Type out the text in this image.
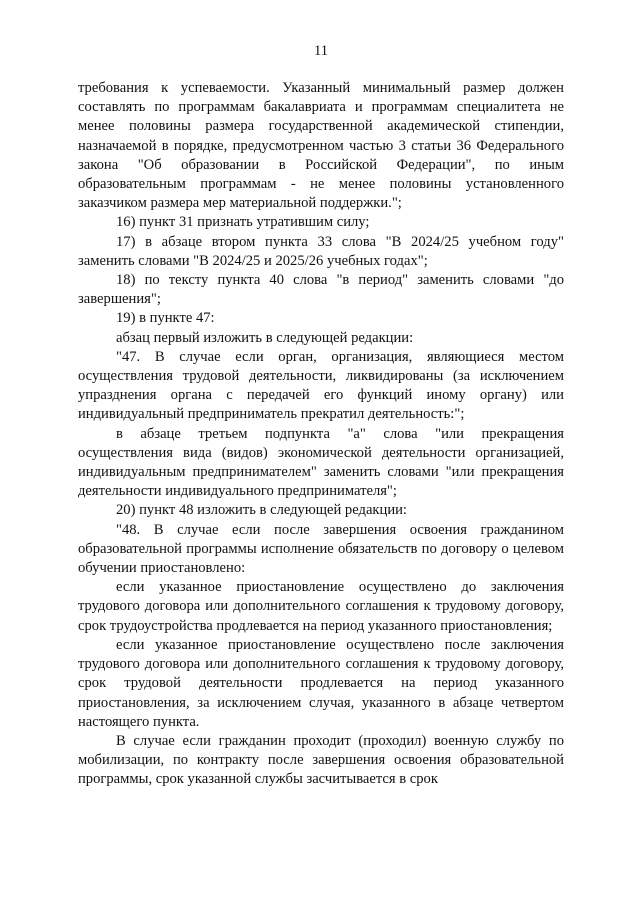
11

требования к успеваемости. Указанный минимальный размер должен составлять по программам бакалавриата и программам специалитета не менее половины размера государственной академической стипендии, назначаемой в порядке, предусмотренном частью 3 статьи 36 Федерального закона "Об образовании в Российской Федерации", по иным образовательным программам - не менее половины установленного заказчиком размера мер материальной поддержки.";

16) пункт 31 признать утратившим силу;

17) в абзаце втором пункта 33 слова "В 2024/25 учебном году" заменить словами "В 2024/25 и 2025/26 учебных годах";

18) по тексту пункта 40 слова "в период" заменить словами "до завершения";

19) в пункте 47:

абзац первый изложить в следующей редакции:

"47. В случае если орган, организация, являющиеся местом осуществления трудовой деятельности, ликвидированы (за исключением упразднения органа с передачей его функций иному органу) или индивидуальный предприниматель прекратил деятельность:";

в абзаце третьем подпункта "а" слова "или прекращения осуществления вида (видов) экономической деятельности организацией, индивидуальным предпринимателем" заменить словами "или прекращения деятельности индивидуального предпринимателя";

20) пункт 48 изложить в следующей редакции:

"48. В случае если после завершения освоения гражданином образовательной программы исполнение обязательств по договору о целевом обучении приостановлено:

если указанное приостановление осуществлено до заключения трудового договора или дополнительного соглашения к трудовому договору, срок трудоустройства продлевается на период указанного приостановления;

если указанное приостановление осуществлено после заключения трудового договора или дополнительного соглашения к трудовому договору, срок трудовой деятельности продлевается на период указанного приостановления, за исключением случая, указанного в абзаце четвертом настоящего пункта.

В случае если гражданин проходит (проходил) военную службу по мобилизации, по контракту после завершения освоения образовательной программы, срок указанной службы засчитывается в срок
